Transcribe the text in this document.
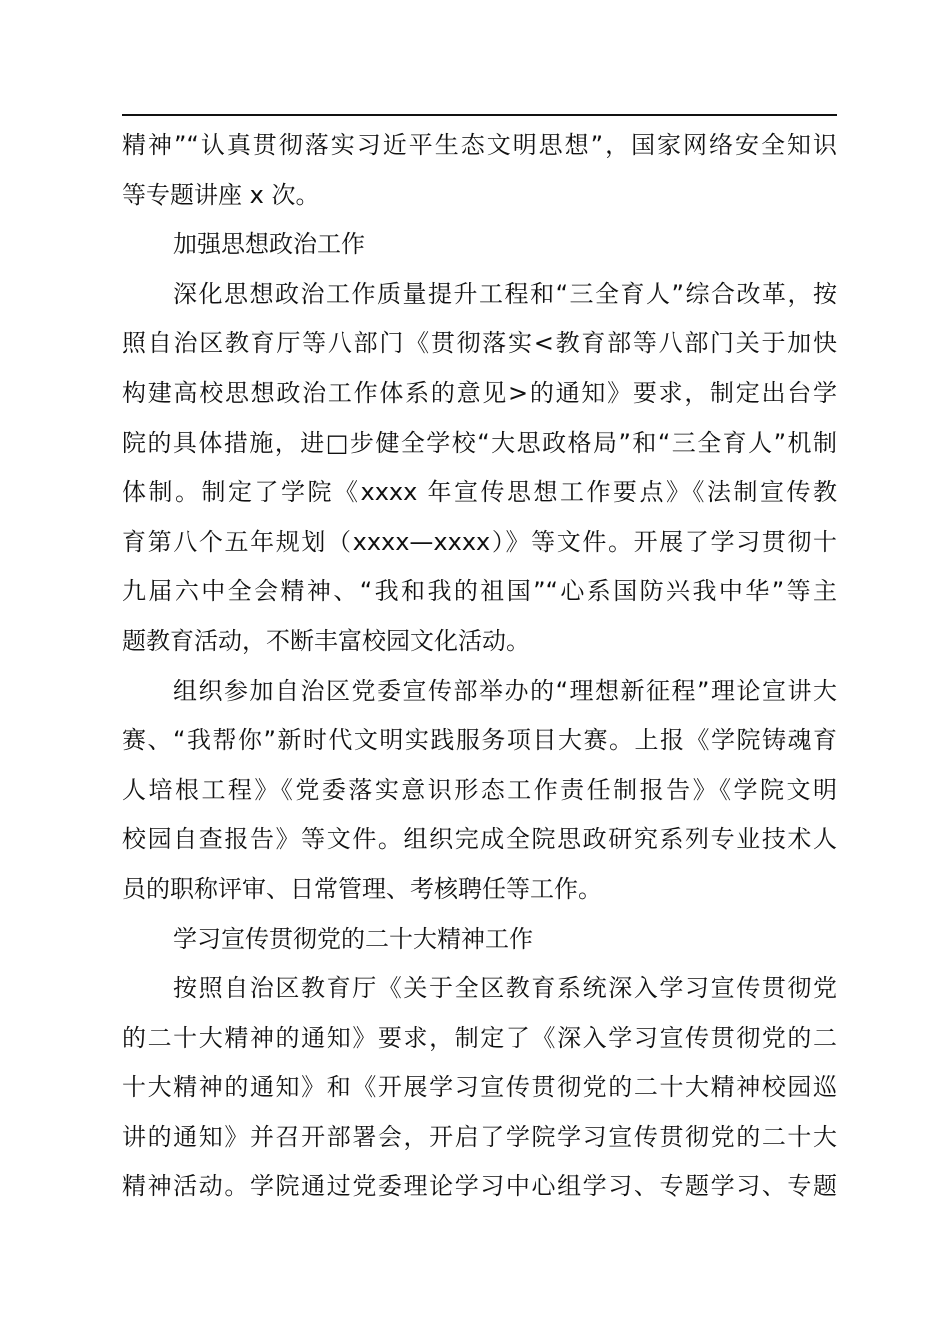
精神”“认真贯彻落实习近平生态文明思想”，国家网络安全知识
等专题讲座 x 次。
加强思想政治工作
深化思想政治工作质量提升工程和“三全育人”综合改革，按
照自治区教育厅等八部门《贯彻落实<教育部等八部门关于加快
构建高校思想政治工作体系的意见>的通知》要求，制定出台学
院的具体措施，进□步健全学校“大思政格局”和“三全育人”机制
体制。制定了学院《xxxx 年宣传思想工作要点》《法制宣传教
育第八个五年规划（xxxx—xxxx）》等文件。开展了学习贯彻十
九届六中全会精神、“我和我的祖国”“心系国防兴我中华”等主
题教育活动，不断丰富校园文化活动。
组织参加自治区党委宣传部举办的“理想新征程”理论宣讲大
赛、“我帮你”新时代文明实践服务项目大赛。上报《学院铸魂育
人培根工程》《党委落实意识形态工作责任制报告》《学院文明
校园自查报告》等文件。组织完成全院思政研究系列专业技术人
员的职称评审、日常管理、考核聘任等工作。
学习宣传贯彻党的二十大精神工作
按照自治区教育厅《关于全区教育系统深入学习宣传贯彻党
的二十大精神的通知》要求，制定了《深入学习宣传贯彻党的二
十大精神的通知》和《开展学习宣传贯彻党的二十大精神校园巡
讲的通知》并召开部署会，开启了学院学习宣传贯彻党的二十大
精神活动。学院通过党委理论学习中心组学习、专题学习、专题
